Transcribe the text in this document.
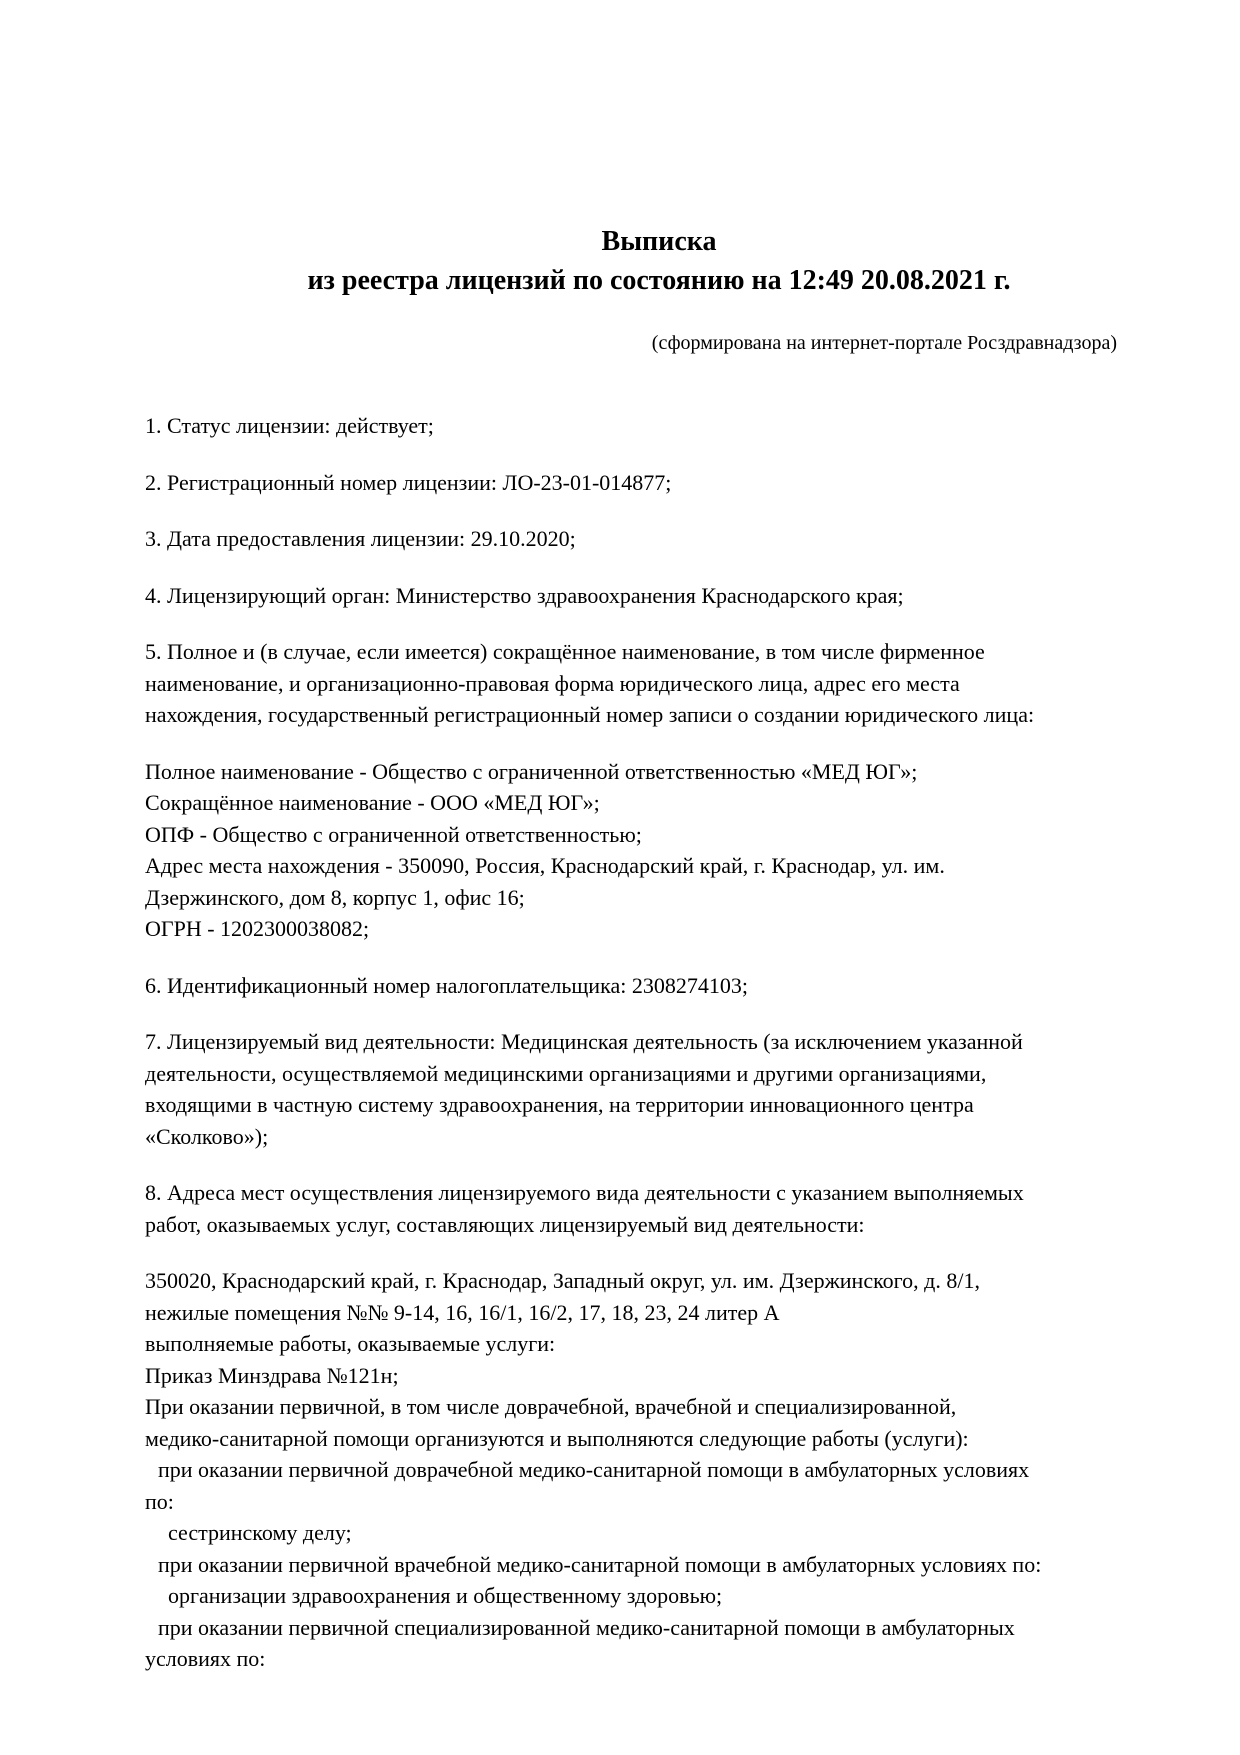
Выписка
из реестра лицензий по состоянию на 12:49 20.08.2021 г.
(сформирована на интернет-портале Росздравнадзора)
1. Статус лицензии: действует;
2. Регистрационный номер лицензии: ЛО-23-01-014877;
3. Дата предоставления лицензии: 29.10.2020;
4. Лицензирующий орган: Министерство здравоохранения Краснодарского края;
5. Полное и (в случае, если имеется) сокращённое наименование, в том числе фирменное
наименование, и организационно-правовая форма юридического лица, адрес его места
нахождения, государственный регистрационный номер записи о создании юридического лица:
Полное наименование - Общество с ограниченной ответственностью «МЕД ЮГ»;
Сокращённое наименование - ООО «МЕД ЮГ»;
ОПФ - Общество с ограниченной ответственностью;
Адрес места нахождения - 350090, Россия, Краснодарский край, г. Краснодар, ул. им.
Дзержинского, дом 8, корпус 1, офис 16;
ОГРН - 1202300038082;
6. Идентификационный номер налогоплательщика: 2308274103;
7. Лицензируемый вид деятельности: Медицинская деятельность (за исключением указанной
деятельности, осуществляемой медицинскими организациями и другими организациями,
входящими в частную систему здравоохранения, на территории инновационного центра
«Сколково»);
8. Адреса мест осуществления лицензируемого вида деятельности с указанием выполняемых
работ, оказываемых услуг, составляющих лицензируемый вид деятельности:
350020, Краснодарский край, г. Краснодар, Западный округ, ул. им. Дзержинского, д. 8/1,
нежилые помещения №№ 9-14, 16, 16/1, 16/2, 17, 18, 23, 24 литер А
выполняемые работы, оказываемые услуги:
Приказ Минздрава №121н;
При оказании первичной, в том числе доврачебной, врачебной и специализированной,
медико-санитарной помощи организуются и выполняются следующие работы (услуги):
при оказании первичной доврачебной медико-санитарной помощи в амбулаторных условиях
по:
сестринскому делу;
при оказании первичной врачебной медико-санитарной помощи в амбулаторных условиях по:
организации здравоохранения и общественному здоровью;
при оказании первичной специализированной медико-санитарной помощи в амбулаторных
условиях по:
